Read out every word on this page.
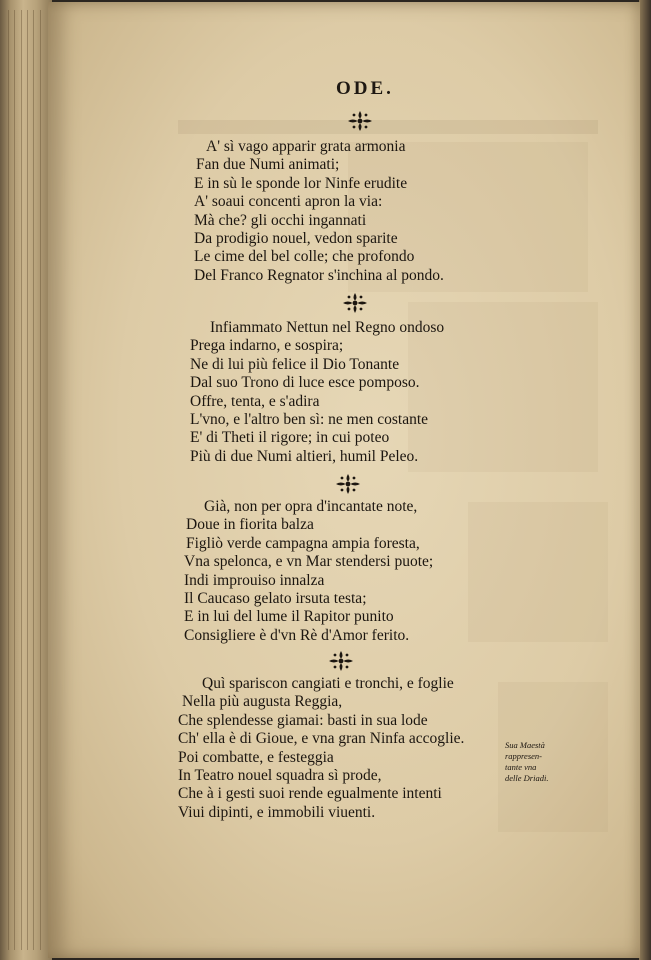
ODE.
A' sì vago apparir grata armonia
Fan due Numi animati;
E in sù le sponde lor Ninfe erudite
A' soaui concenti apron la via:
Mà che? gli occhi ingannati
Da prodigio nouel, vedon sparite
Le cime del bel colle; che profondo
Del Franco Regnator s'inchina al pondo.
Infiammato Nettun nel Regno ondoso
Prega indarno, e sospira;
Ne di lui più felice il Dio Tonante
Dal suo Trono di luce esce pomposo.
Offre, tenta, e s'adira
L'vno, e l'altro ben sì: ne men costante
E' di Theti il rigore; in cui poteo
Più di due Numi altieri, humil Peleo.
Già, non per opra d'incantate note,
Doue in fiorita balza
Figliò verde campagna ampia foresta,
Vna spelonca, e vn Mar stendersi puote;
Indi improuiso innalza
Il Caucaso gelato irsuta testa;
E in lui del lume il Rapitor punito
Consigliere è d'vn Rè d'Amor ferito.
Quì spariscon cangiati e tronchi, e foglie
Nella più augusta Reggia,
Che splendesse giamai: basti in sua lode
Ch' ella è di Gioue, e vna gran Ninfa accoglie.
Poi combatte, e festeggia
In Teatro nouel squadra sì prode,
Che à i gesti suoi rende egualmente intenti
Viui dipinti, e immobili viuenti.
Sua Maestà
rappresen-
tante vna
delle Driadi.
